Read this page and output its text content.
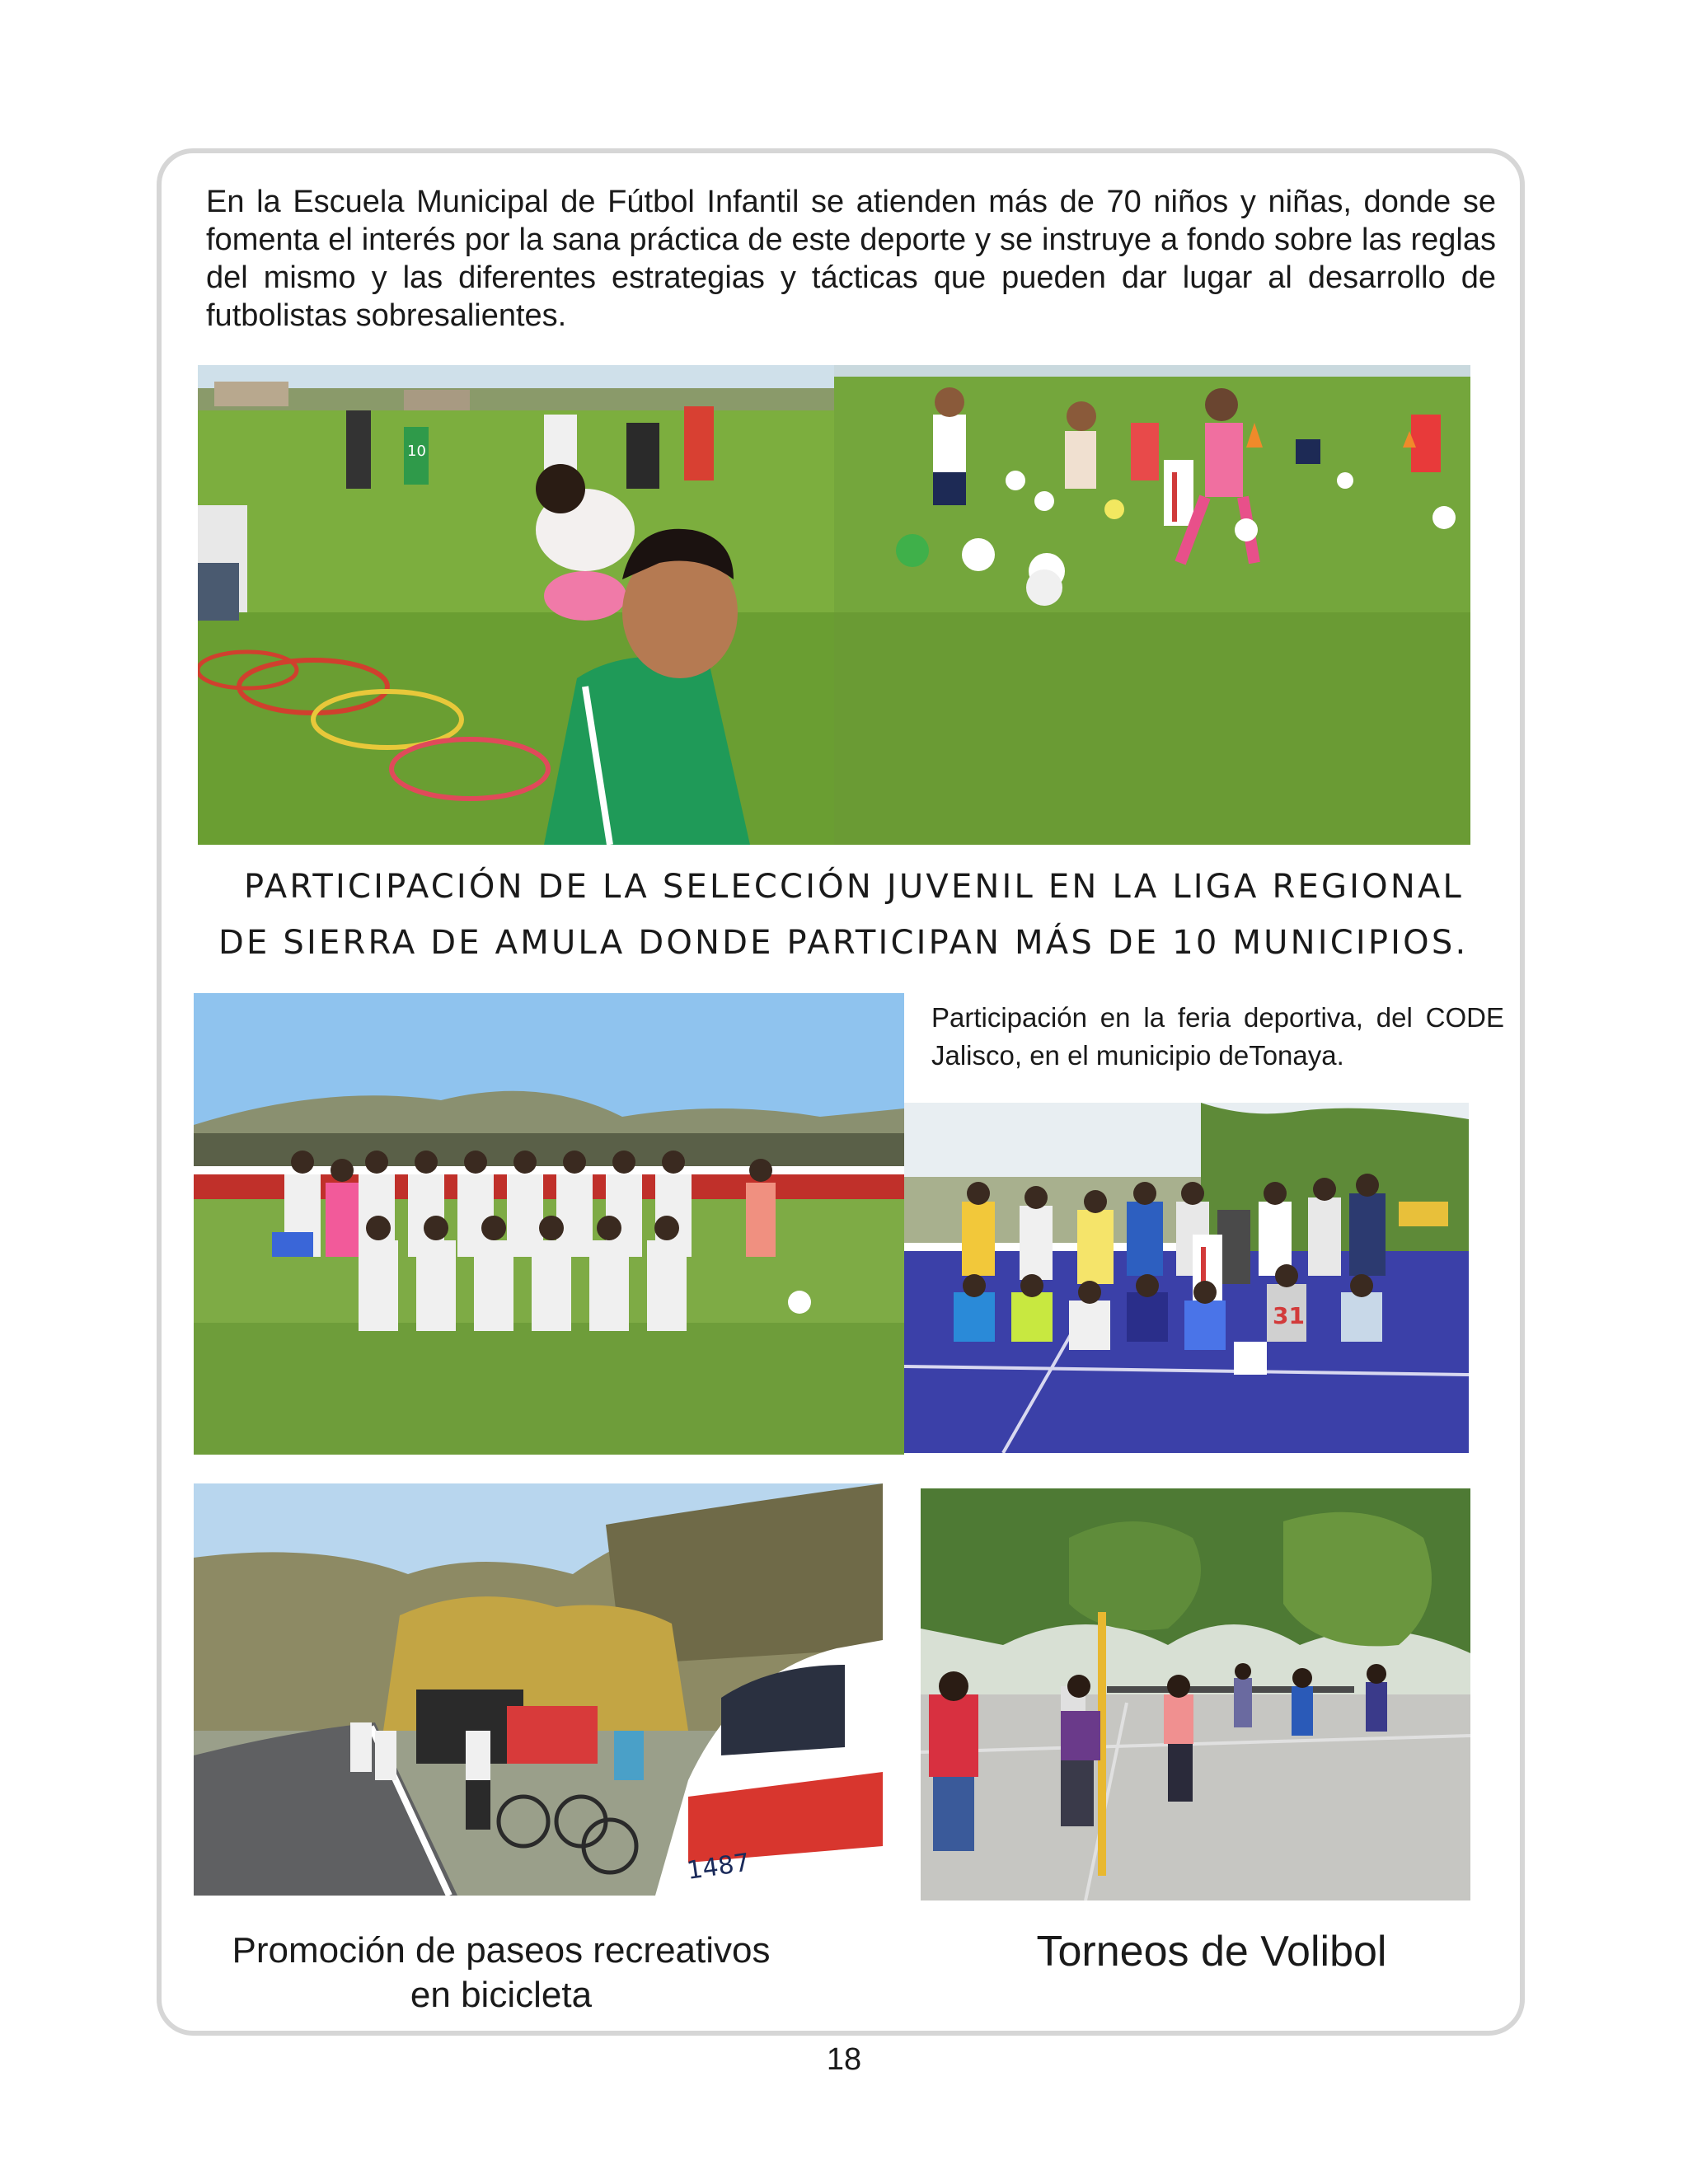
En la Escuela Municipal de Fútbol Infantil se atienden más de 70 niños y niñas, donde se fomenta el interés por la sana práctica de este deporte y se instruye a fondo sobre las reglas del mismo y las diferentes estrategias y tácticas que pueden dar lugar al desarrollo de futbolistas sobresalientes.

10

PARTICIPACIÓN DE LA SELECCIÓN JUVENIL EN LA LIGA REGIONAL

DE SIERRA DE AMULA DONDE PARTICIPAN MÁS DE 10 MUNICIPIOS.

Participación en la feria deportiva, del CODE Jalisco, en el municipio deTonaya.

31
1487
Promoción de paseos recreativos
en bicicleta

Torneos de Volibol

18
